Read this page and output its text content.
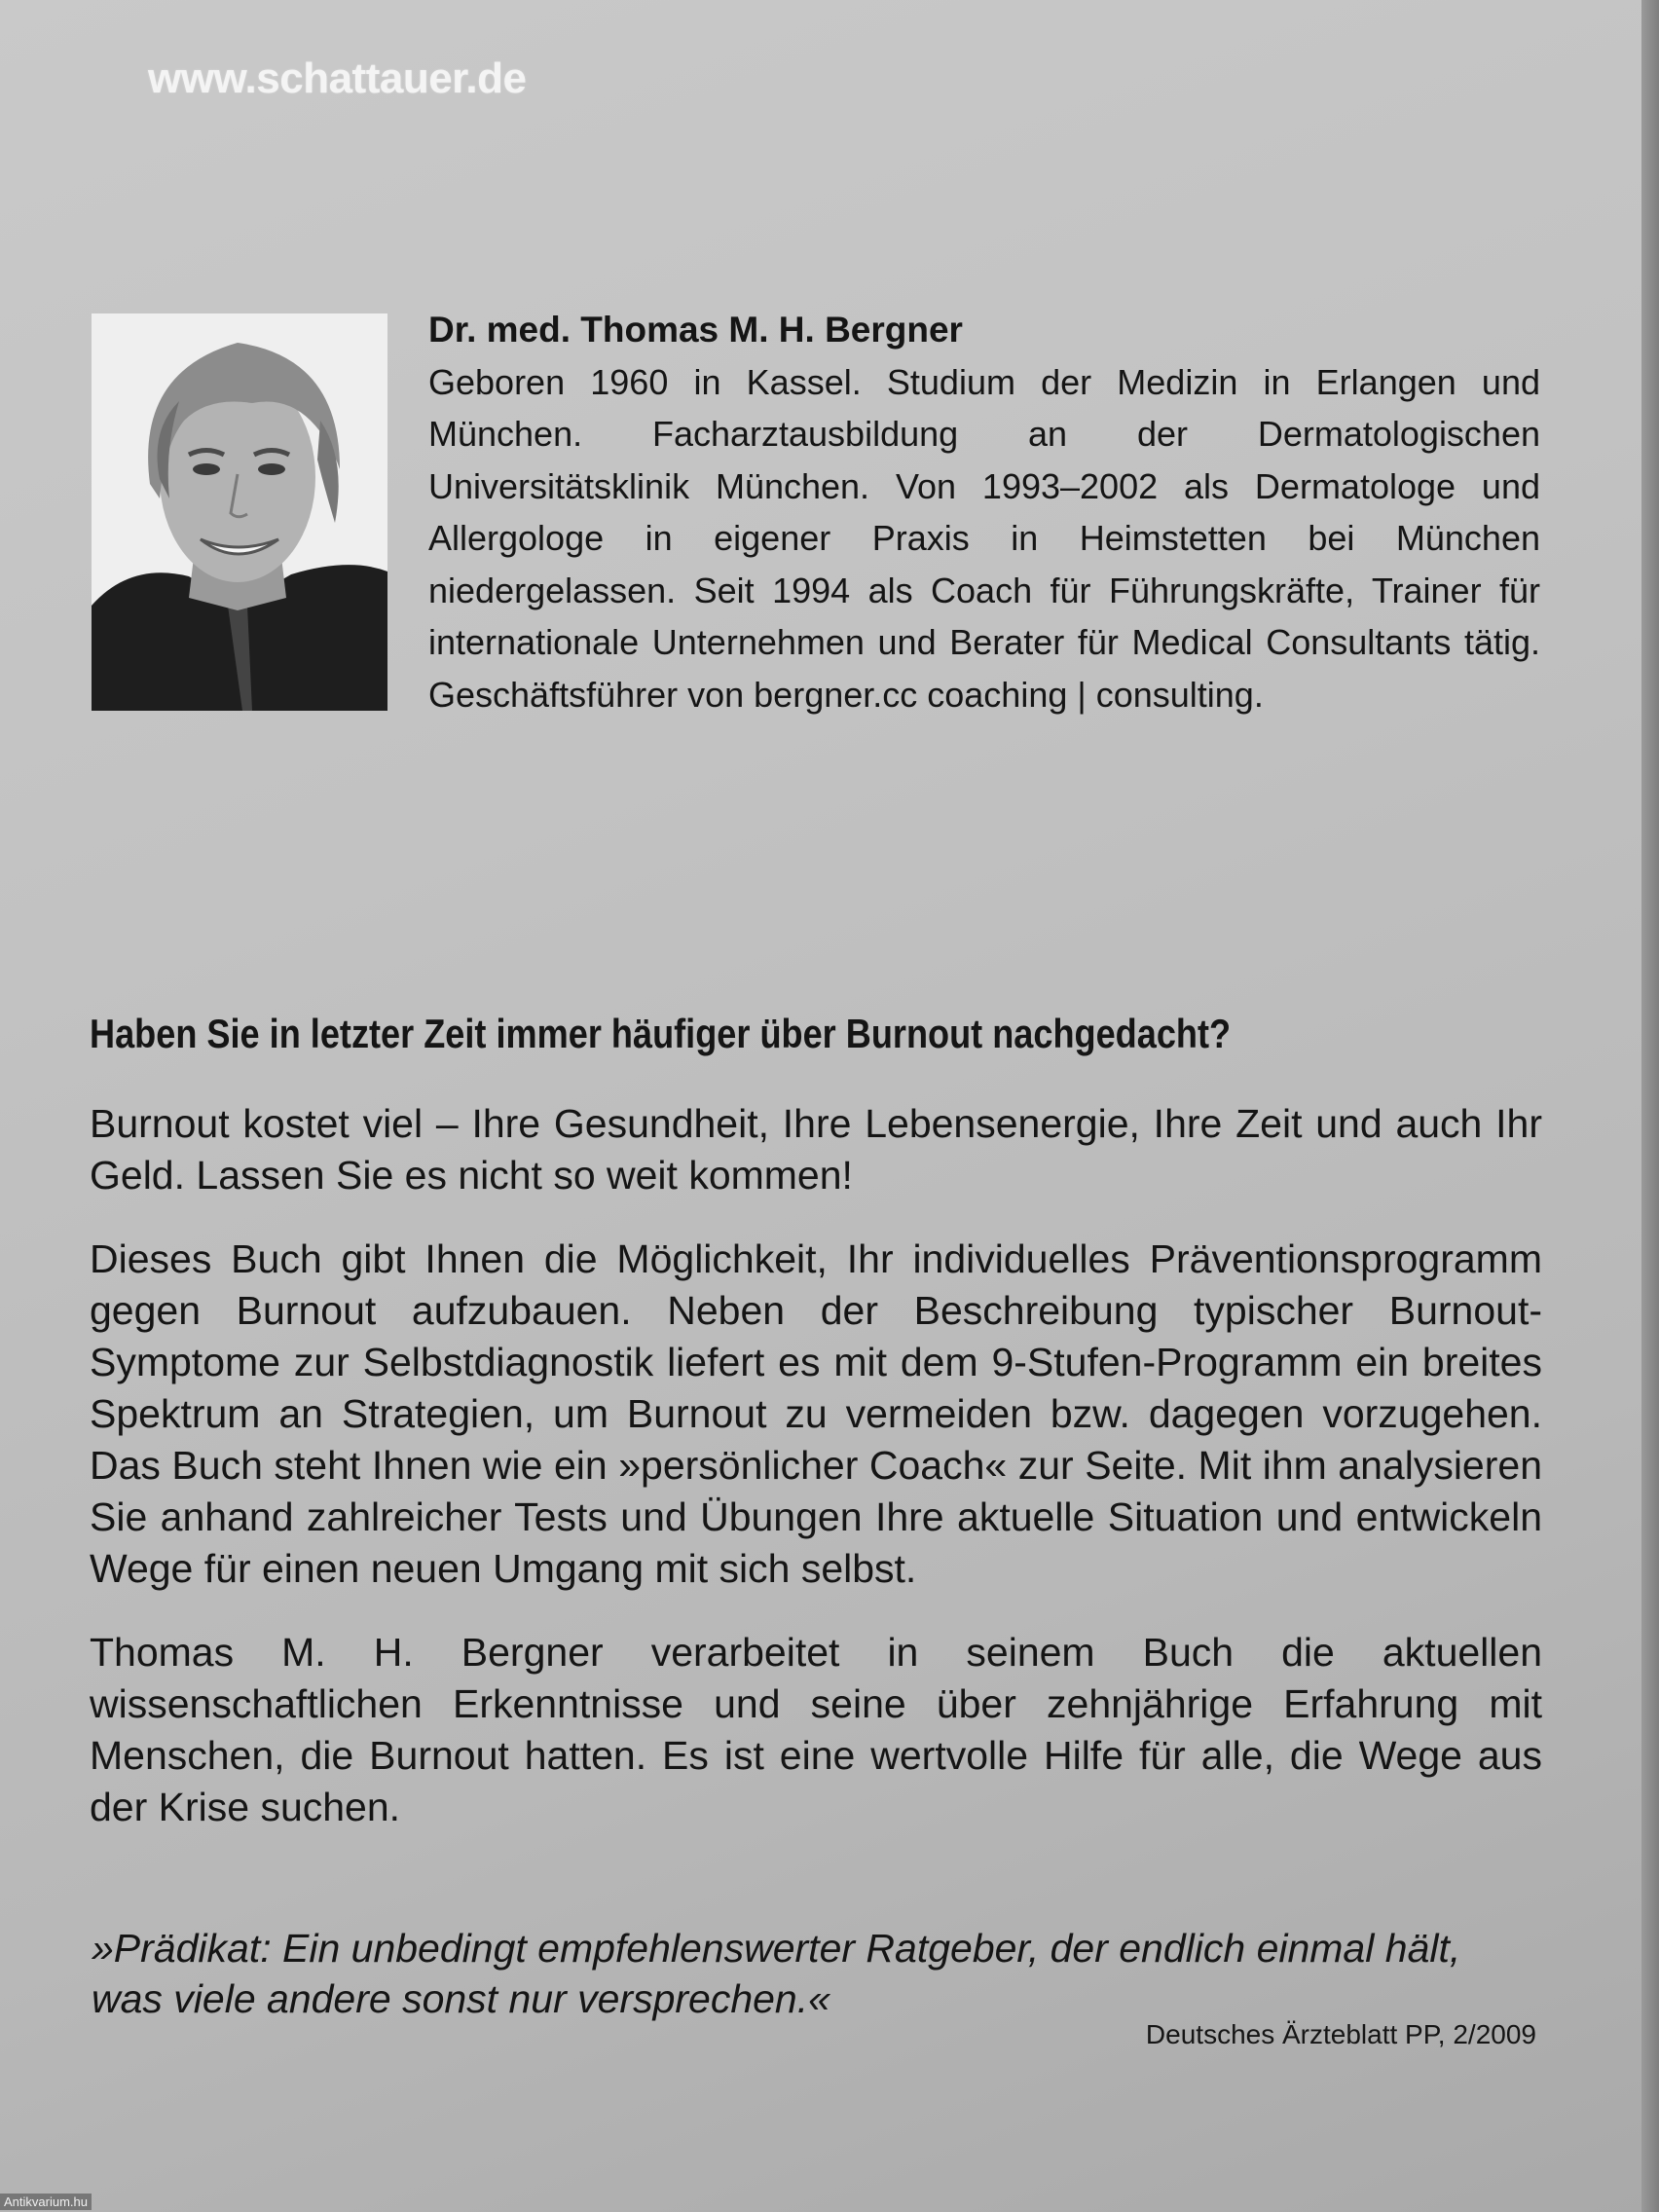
www.schattauer.de
Dr. med. Thomas M. H. Bergner
Geboren 1960 in Kassel. Studium der Medizin in Erlangen und München. Facharztausbildung an der Dermatologischen Universitätsklinik München. Von 1993–2002 als Dermatologe und Allergologe in eigener Praxis in Heimstetten bei München niedergelassen. Seit 1994 als Coach für Führungskräfte, Trainer für internationale Unternehmen und Berater für Medical Consultants tätig. Geschäftsführer von bergner.cc coaching | consulting.
Haben Sie in letzter Zeit immer häufiger über Burnout nachgedacht?

Burnout kostet viel – Ihre Gesundheit, Ihre Lebensenergie, Ihre Zeit und auch Ihr Geld. Lassen Sie es nicht so weit kommen!

Dieses Buch gibt Ihnen die Möglichkeit, Ihr individuelles Präventionsprogramm gegen Burnout aufzubauen. Neben der Beschreibung typischer Burnout-Symptome zur Selbstdiagnostik liefert es mit dem 9-Stufen-Programm ein breites Spektrum an Strategien, um Burnout zu vermeiden bzw. dagegen vorzugehen. Das Buch steht Ihnen wie ein »persönlicher Coach« zur Seite. Mit ihm analysieren Sie anhand zahlreicher Tests und Übungen Ihre aktuelle Situation und entwickeln Wege für einen neuen Umgang mit sich selbst.

Thomas M. H. Bergner verarbeitet in seinem Buch die aktuellen wissenschaftlichen Erkenntnisse und seine über zehnjährige Erfahrung mit Menschen, die Burnout hatten. Es ist eine wertvolle Hilfe für alle, die Wege aus der Krise suchen.

»Prädikat: Ein unbedingt empfehlenswerter Ratgeber, der endlich einmal hält, was viele andere sonst nur versprechen.«
Deutsches Ärzteblatt PP, 2/2009
Antikvarium.hu
